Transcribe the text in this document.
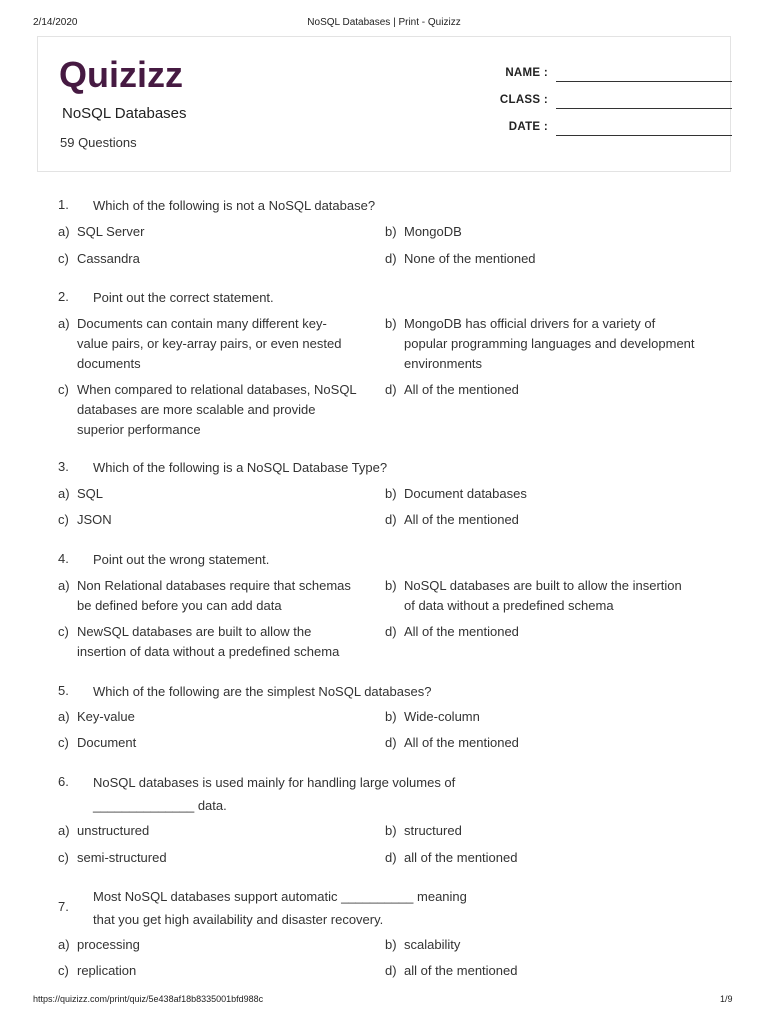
2/14/2020	NoSQL Databases | Print - Quizizz
Quizizz
NoSQL Databases
59 Questions
NAME :
CLASS :
DATE :
1. Which of the following is not a NoSQL database?
a) SQL Server	b) MongoDB
c) Cassandra	d) None of the mentioned
2. Point out the correct statement.
a) Documents can contain many different key-value pairs, or key-array pairs, or even nested documents
b) MongoDB has official drivers for a variety of popular programming languages and development environments
c) When compared to relational databases, NoSQL databases are more scalable and provide superior performance
d) All of the mentioned
3. Which of the following is a NoSQL Database Type?
a) SQL	b) Document databases
c) JSON	d) All of the mentioned
4. Point out the wrong statement.
a) Non Relational databases require that schemas be defined before you can add data
b) NoSQL databases are built to allow the insertion of data without a predefined schema
c) NewSQL databases are built to allow the insertion of data without a predefined schema
d) All of the mentioned
5. Which of the following are the simplest NoSQL databases?
a) Key-value	b) Wide-column
c) Document	d) All of the mentioned
6. NoSQL databases is used mainly for handling large volumes of ______________ data.
a) unstructured	b) structured
c) semi-structured	d) all of the mentioned
7.
Most NoSQL databases support automatic __________ meaning that you get high availability and disaster recovery.
a) processing	b) scalability
c) replication	d) all of the mentioned
https://quizizz.com/print/quiz/5e438af18b8335001bfd988c	1/9
